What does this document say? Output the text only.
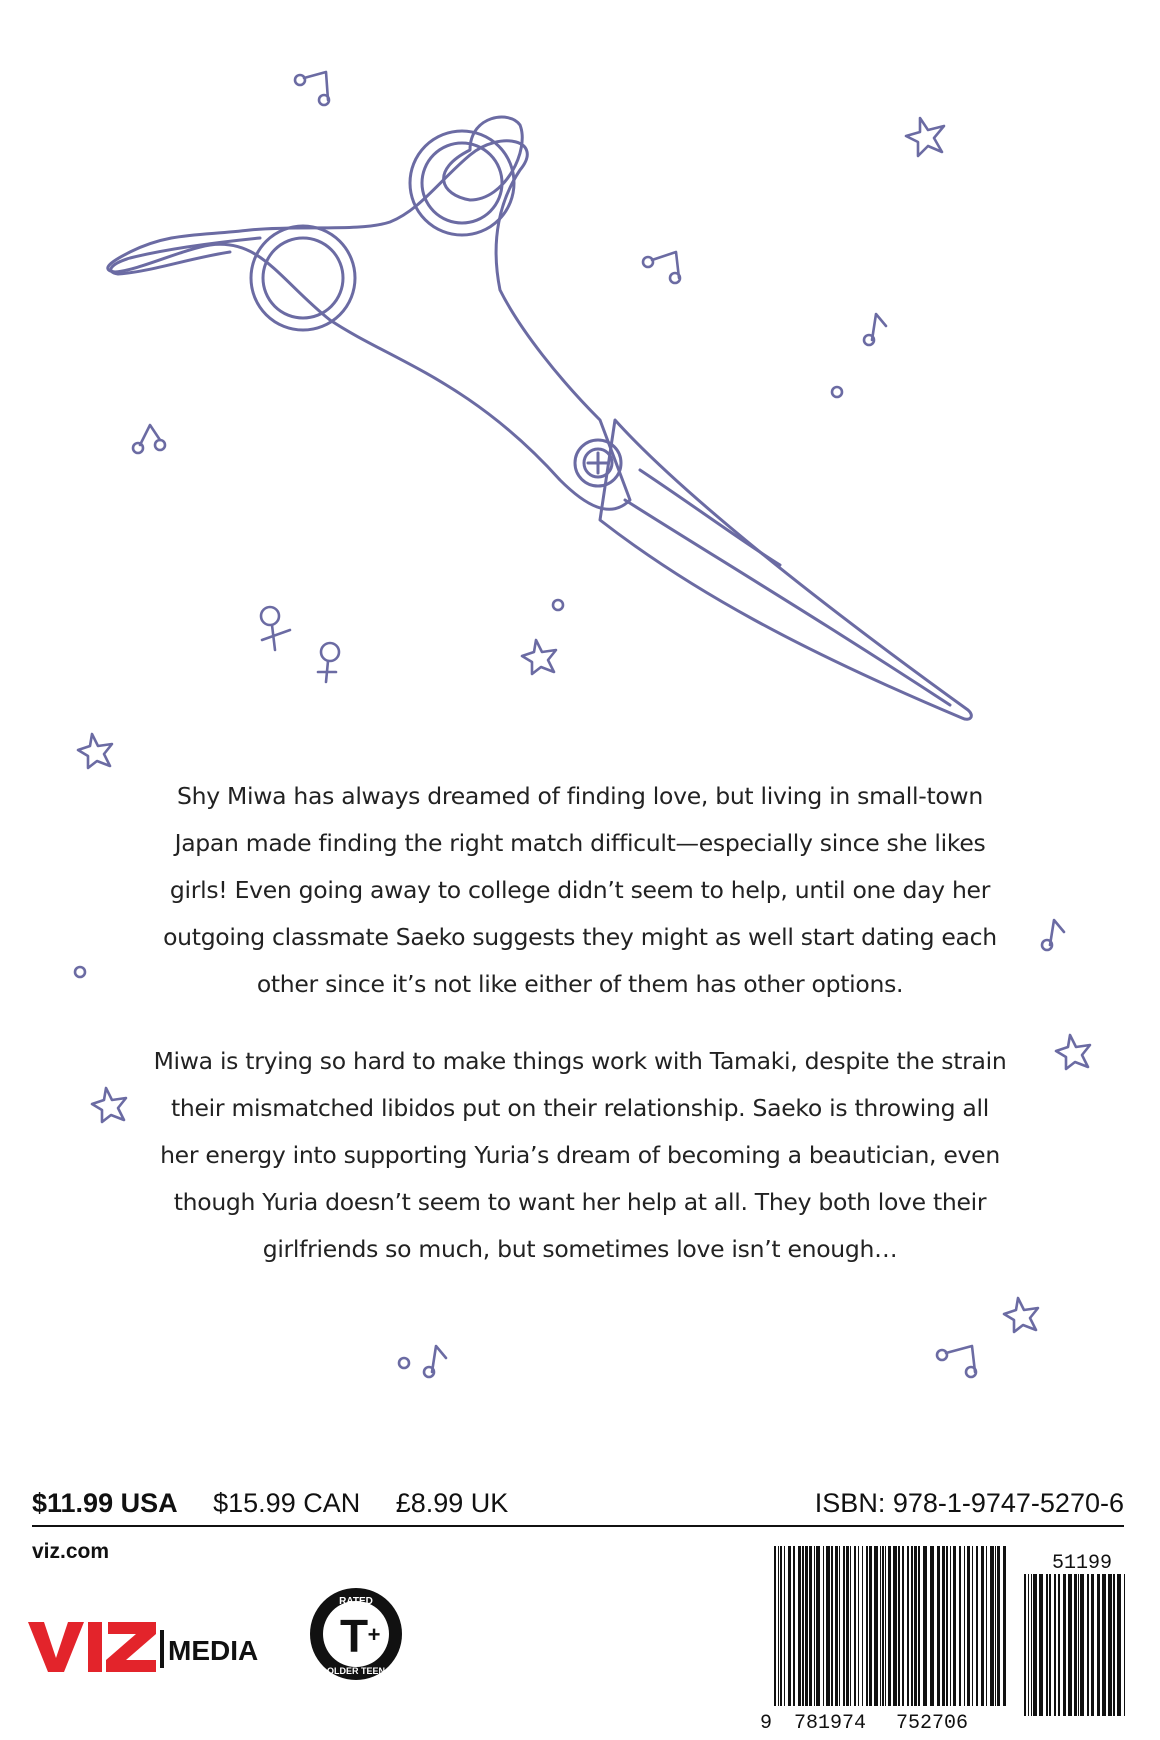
Shy Miwa has always dreamed of finding love, but living in small-town Japan made finding the right match difficult—especially since she likes girls! Even going away to college didn’t seem to help, until one day her outgoing classmate Saeko suggests they might as well start dating each other since it’s not like either of them has other options.

Miwa is trying so hard to make things work with Tamaki, despite the strain their mismatched libidos put on their relationship. Saeko is throwing all her energy into supporting Yuria’s dream of becoming a beautician, even though Yuria doesn’t seem to want her help at all. They both love their girlfriends so much, but sometimes love isn’t enough…

$11.99 USA $15.99 CAN £8.99 UK	ISBN: 978-1-9747-5270-6
viz.com
MEDIA
RATED
OLDER TEEN
T +
51199
9 781974 752706
